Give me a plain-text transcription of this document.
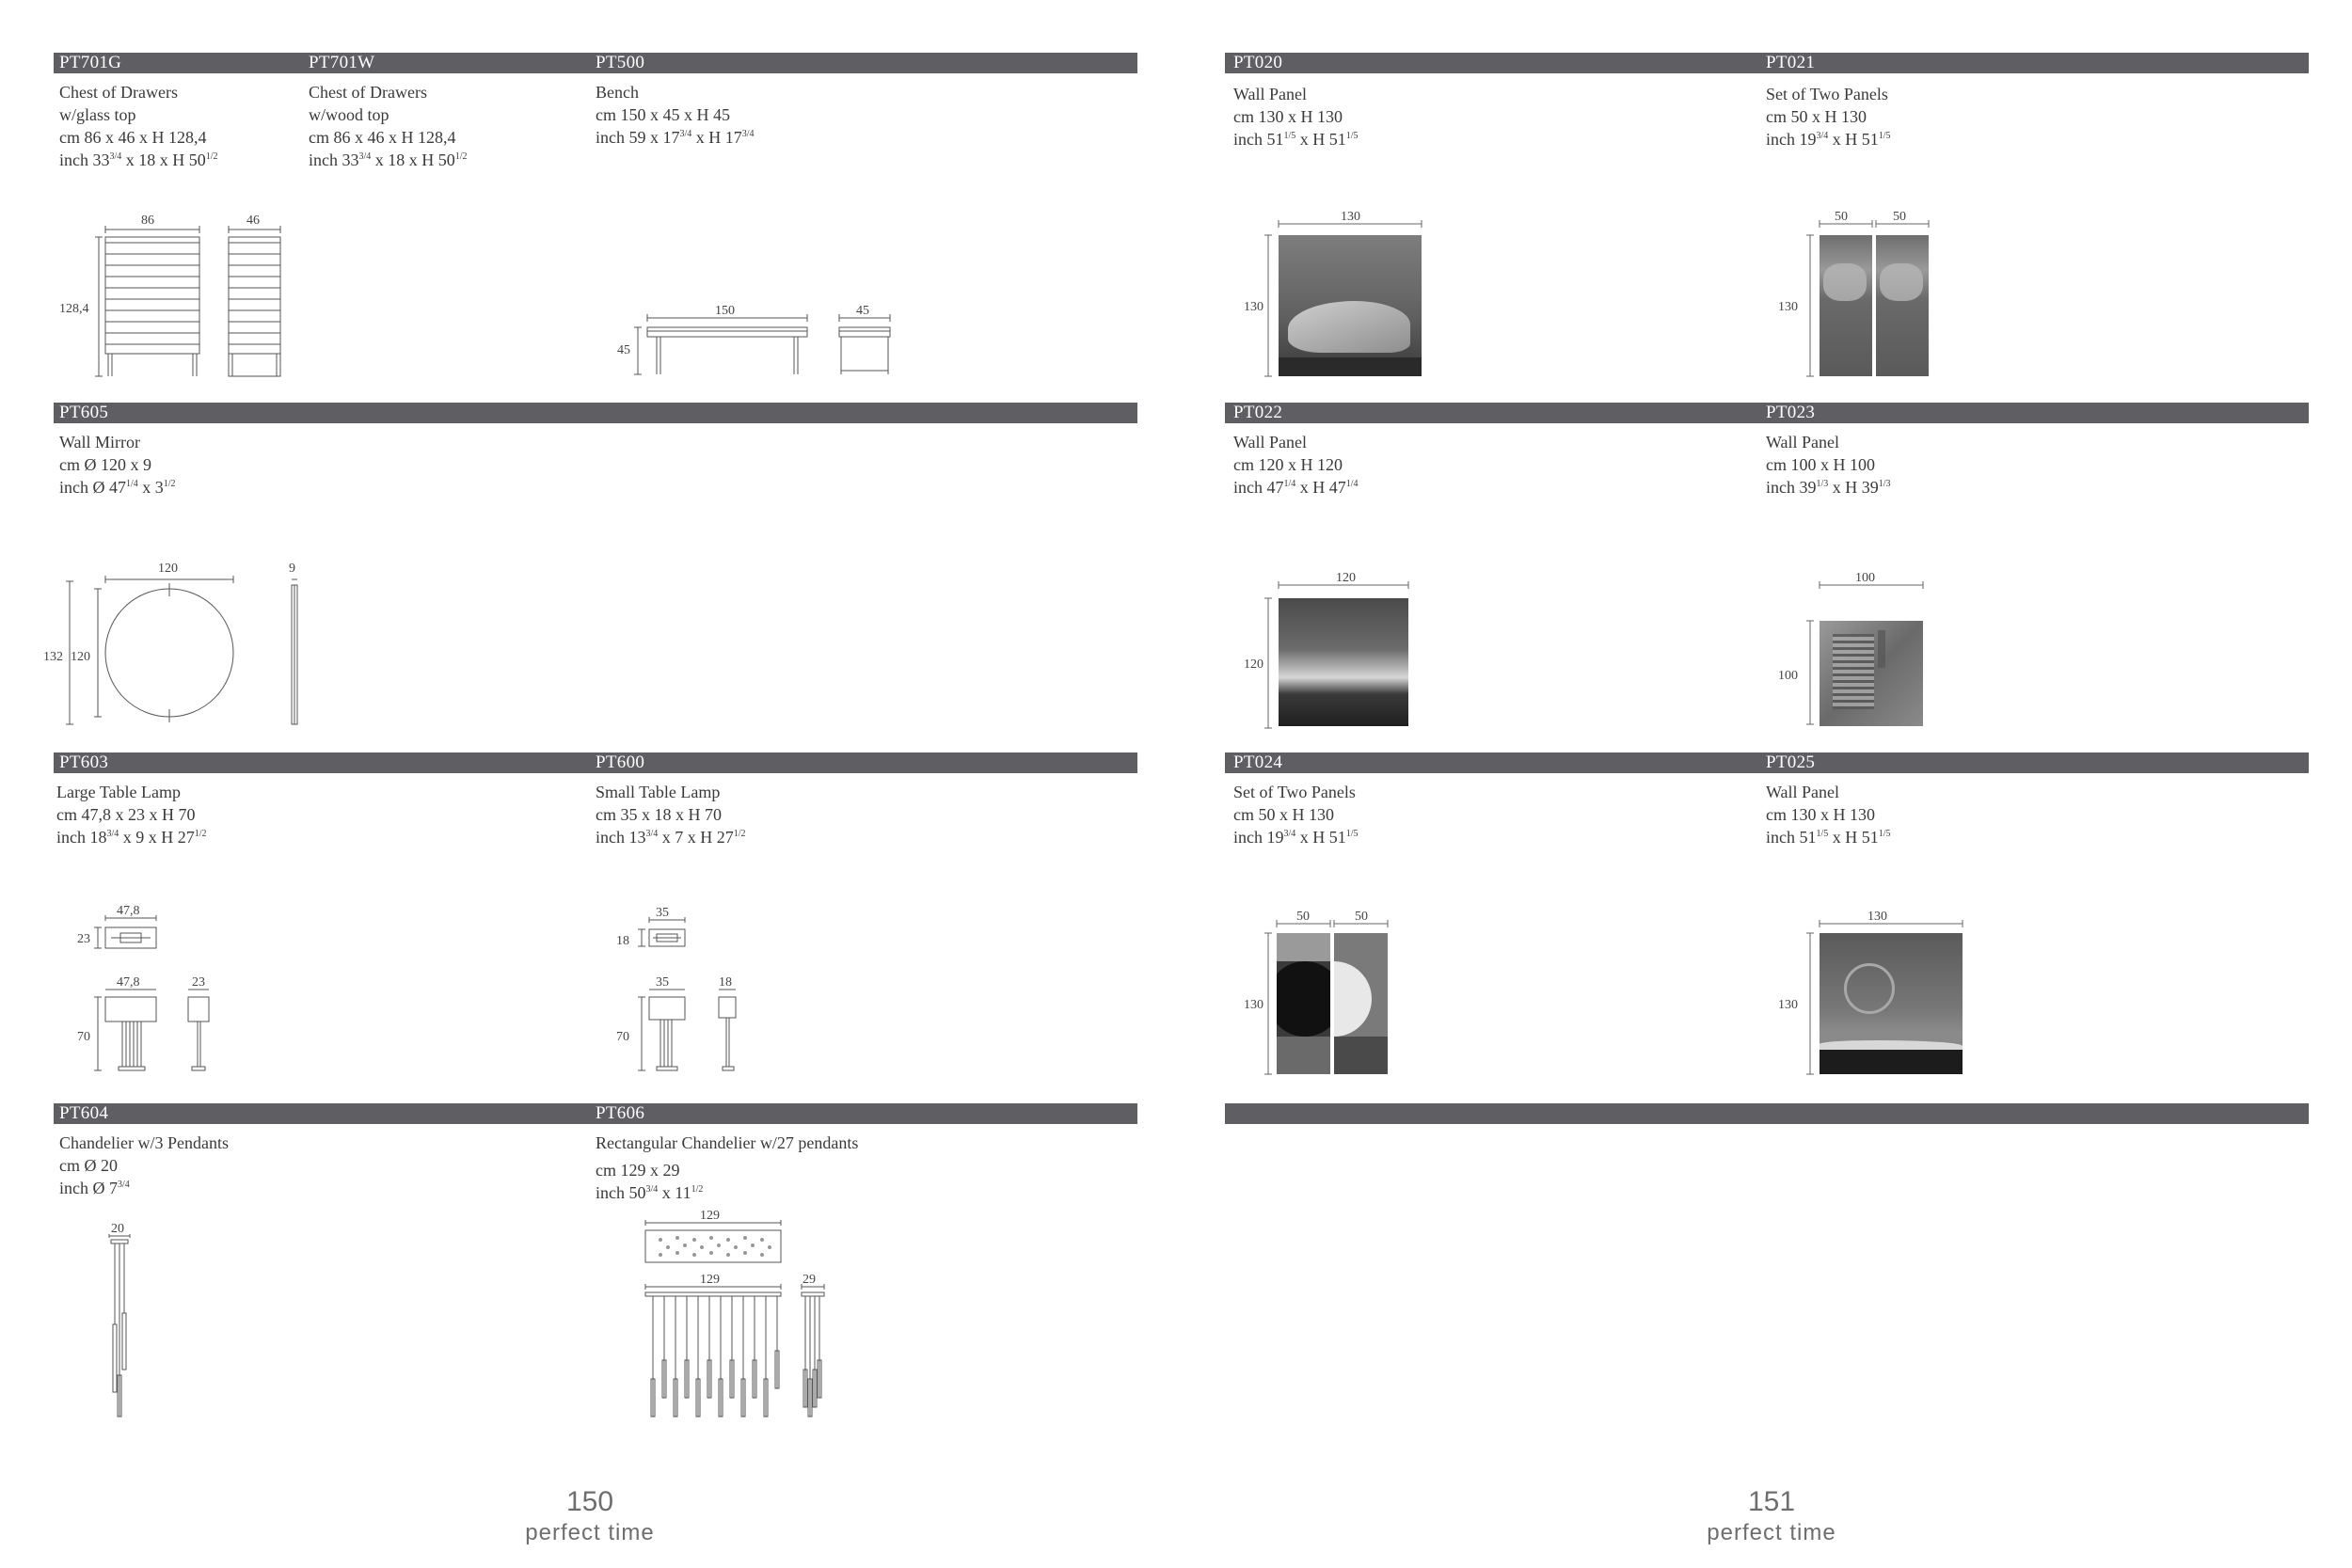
PT701G	PT701W	PT500
PT605
PT603	PT600
PT604	PT606
PT020	PT021
PT022	PT023
PT024	PT025
Chest of Drawers
w/glass top
cm 86 x 46 x H 128,4
inch $33^{3/4}$ x 18 x H $50^{1/2}$
Chest of Drawers
w/wood top
cm 86 x 46 x H 128,4
inch $33^{3/4}$ x 18 x H $50^{1/2}$
Bench
cm 150 x 45 x H 45
inch 59 x $17^{3/4}$ x H $17^{3/4}$
Wall Mirror
cm Ø 120 x 9
inch Ø $47^{1/4}$ x $3^{1/2}$
Large Table Lamp
cm 47,8 x 23 x H 70
inch $18^{3/4}$ x 9 x H $27^{1/2}$
Small Table Lamp
cm 35 x 18 x H 70
inch $13^{3/4}$ x 7 x H $27^{1/2}$
Chandelier w/3 Pendants
cm Ø 20
inch Ø $7^{3/4}$
Rectangular Chandelier w/27 pendants
cm 129 x 29
inch $50^{3/4}$ x $11^{1/2}$
Wall Panel
cm 130 x H 130
inch $51^{1/5}$ x H $51^{1/5}$
Set of Two Panels
cm 50 x H 130
inch $19^{3/4}$ x H $51^{1/5}$
Wall Panel
cm 120 x H 120
inch $47^{1/4}$ x H $47^{1/4}$
Wall Panel
cm 100 x H 100
inch $39^{1/3}$ x H $39^{1/3}$
Set of Two Panels
cm 50 x H 130
inch $19^{3/4}$ x H $51^{1/5}$
Wall Panel
cm 130 x H 130
inch $51^{1/5}$ x H $51^{1/5}$
86	46
128,4	150	45
45
120	9
132 120
47,8
23
47,8	23
70
35
18
35	18
70
20
129
129	29
130
130
50	50
130
120
120
100
100
50	50
130
130
130
150
perfect time
151
perfect time
